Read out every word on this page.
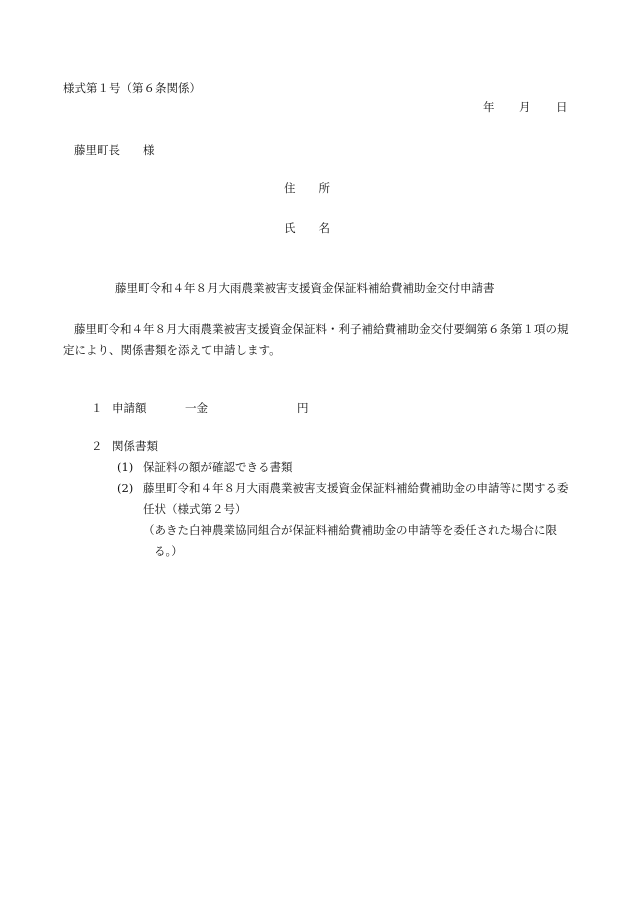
様式第１号（第６条関係）
年 月 日
藤里町長　　様
住　　所
氏　　名
藤里町令和４年８月大雨農業被害支援資金保証料補給費補助金交付申請書
藤里町令和４年８月大雨農業被害支援資金保証料・利子補給費補助金交付要綱第６条第１項の規定により、関係書類を添えて申請します。
１ 申請額	一金	円
２ 関係書類
(1) 保証料の額が確認できる書類
(2) 藤里町令和４年８月大雨農業被害支援資金保証料補給費補助金の申請等に関する委任状（様式第２号）
（あきた白神農業協同組合が保証料補給費補助金の申請等を委任された場合に限る。）
